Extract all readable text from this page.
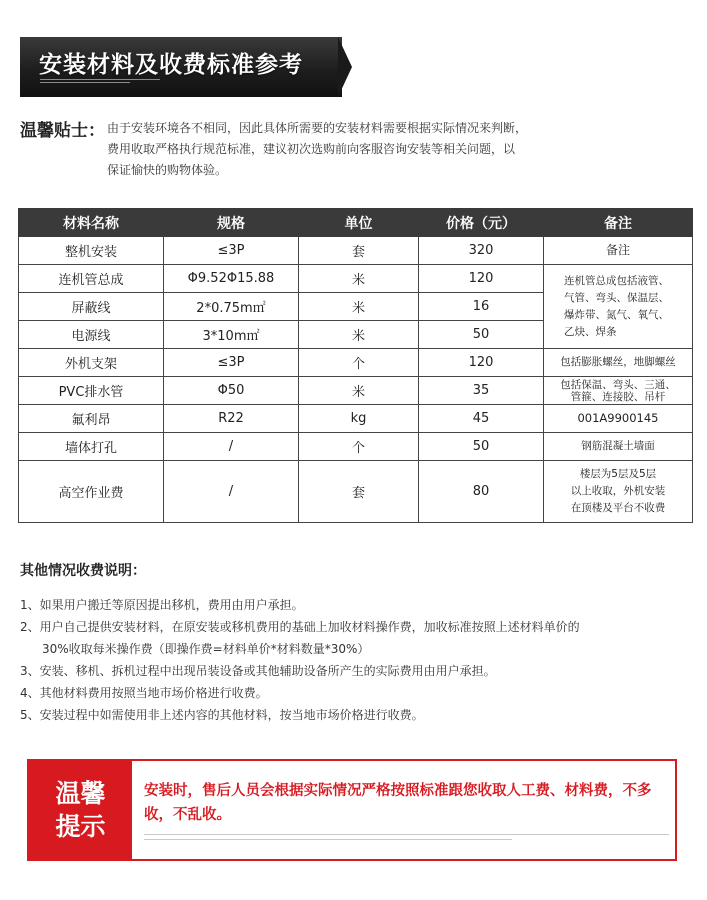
安装材料及收费标准参考
温馨贴士： 由于安装环境各不相同，因此具体所需要的安装材料需要根据实际情况来判断，
费用收取严格执行规范标准，建议初次选购前向客服咨询安装等相关问题，以
保证愉快的购物体验。
材料名称	规格	单位	价格（元）	备注
整机安装	≤3P	套	320	备注
连机管总成	Φ9.52Φ15.88	米	120	连机管总成包括液管、
气管、弯头、保温层、
爆炸带、氮气、氧气、
乙炔、焊条

屏蔽线	2*0.75m㎡	米	16	
电源线	3*10m㎡	米	50	
外机支架	≤3P	个	120	包括膨胀螺丝，地脚螺丝
PVC排水管	Φ50	米	35	包括保温、弯头、三通、
管箍、连接胶、吊杆

氟利昂	R22	kg	45	001A9900145
墙体打孔	/	个	50	钢筋混凝土墙面
高空作业费	/	套	80	楼层为5层及5层
以上收取，外机安装
在顶楼及平台不收费
其他情况收费说明：
1、如果用户搬迁等原因提出移机，费用由用户承担。
2、用户自己提供安装材料，在原安装或移机费用的基础上加收材料操作费，加收标准按照上述材料单价的
30%收取每米操作费（即操作费=材料单价*材料数量*30%）
3、安装、移机、拆机过程中出现吊装设备或其他辅助设备所产生的实际费用由用户承担。
4、其他材料费用按照当地市场价格进行收费。
5、安装过程中如需使用非上述内容的其他材料，按当地市场价格进行收费。
温馨
提示
安装时，售后人员会根据实际情况严格按照标准跟您收取人工费、材料费，不多收，不乱收。
